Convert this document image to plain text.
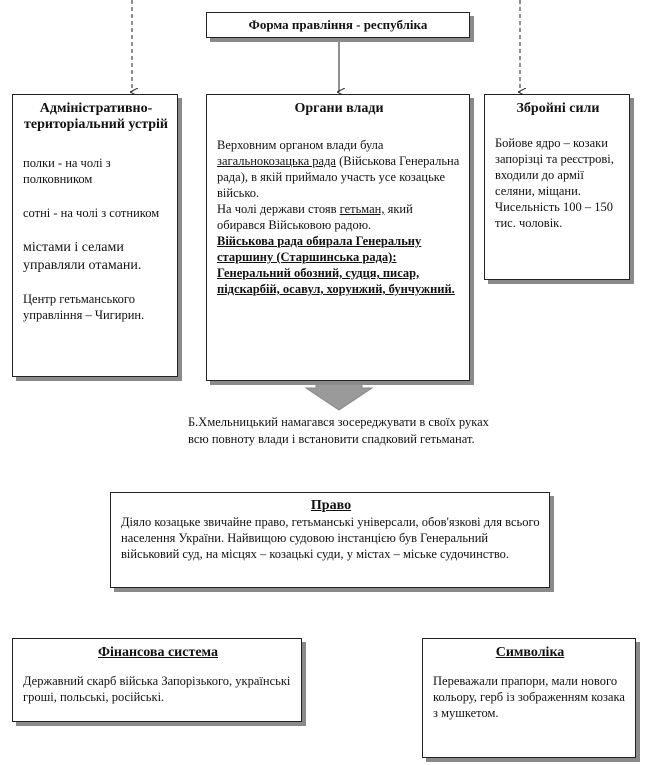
Форма правління - республіка
Адміністративно-територіальний устрій
полки - на чолі з полковником
сотні - на чолі з сотником
містами і селами управляли отамани.
Центр гетьманського управління – Чигирин.
Органи влади
Верховним органом влади була загальнокозацька рада (Військова Генеральна рада), в якій приймало участь усе козацьке військо.
На чолі держави стояв гетьман, який обирався Військовою радою.
Військова рада обирала Генеральну старшину (Старшинська рада):
Генеральний обозний, судця, писар, підскарбій, осавул, хорунжий, бунчужний.
Збройні сили
Бойове ядро – козаки запорізці та реєстрові, входили до армії селяни, міщани.
Чисельність 100 – 150 тис. чоловік.
Б.Хмельницький намагався зосереджувати в своїх руках всю повноту влади і встановити спадковий гетьманат.
Право
Діяло козацьке звичайне право, гетьманські універсали, обов'язкові для всього населення України. Найвищою судовою інстанцією був Генеральний військовий суд, на місцях – козацькі суди, у містах – міське судочинство.
Фінансова система
Державний скарб війська Запорізького, українські гроші, польські, російські.
Символіка
Переважали прапори, мали нового кольору, герб із зображенням козака з мушкетом.
